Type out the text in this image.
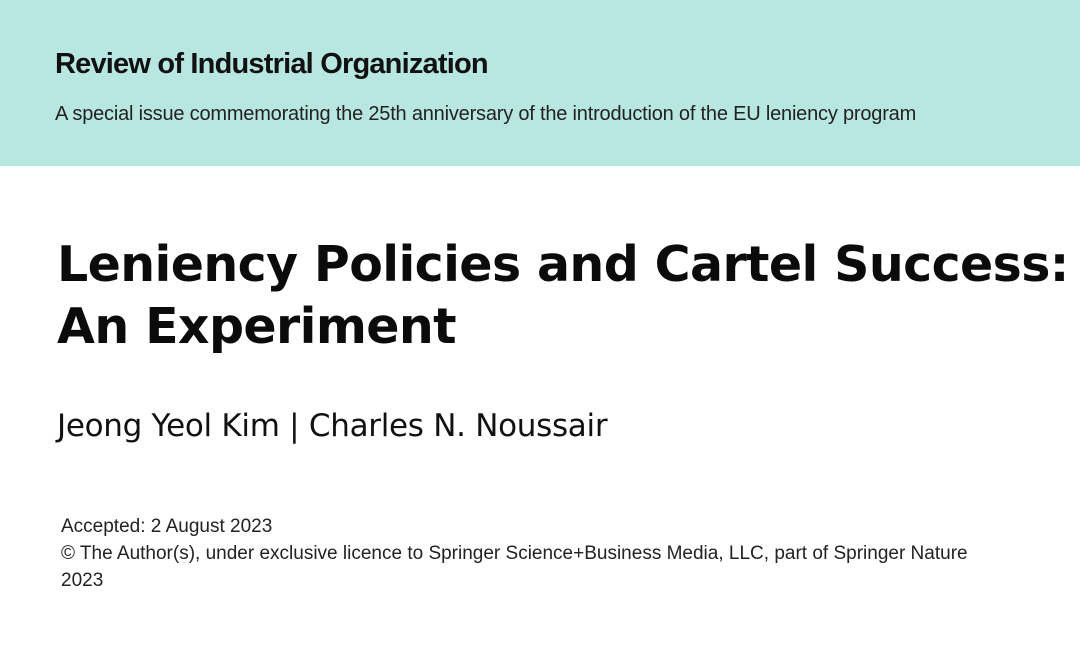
Review of Industrial Organization
A special issue commemorating the 25th anniversary of the introduction of the EU leniency program
Leniency Policies and Cartel Success:
An Experiment
Jeong Yeol Kim | Charles N. Noussair
Accepted: 2 August 2023
© The Author(s), under exclusive licence to Springer Science+Business Media, LLC, part of Springer Nature
2023
